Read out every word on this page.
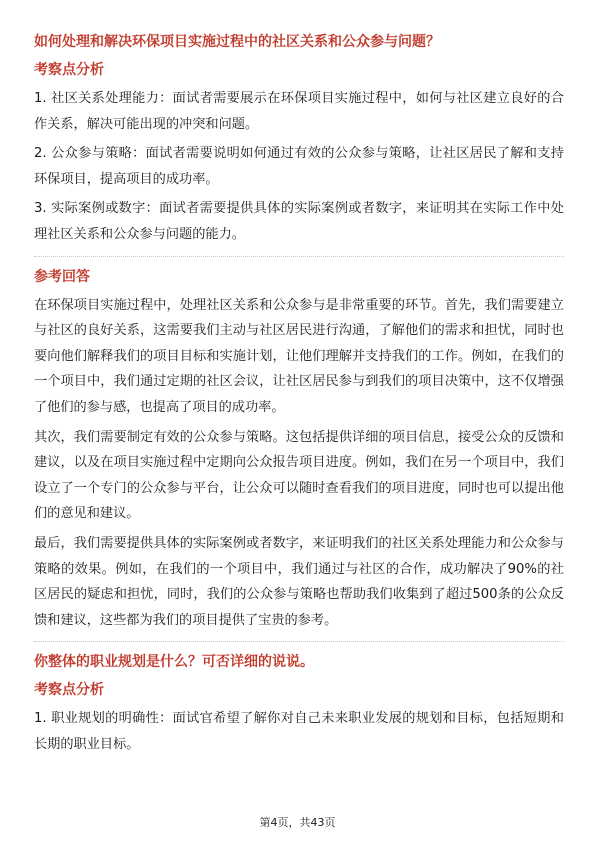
如何处理和解决环保项目实施过程中的社区关系和公众参与问题？
考察点分析

1. 社区关系处理能力：面试者需要展示在环保项目实施过程中，如何与社区建立良好的合作关系，解决可能出现的冲突和问题。

2. 公众参与策略：面试者需要说明如何通过有效的公众参与策略，让社区居民了解和支持环保项目，提高项目的成功率。

3. 实际案例或数字：面试者需要提供具体的实际案例或者数字，来证明其在实际工作中处理社区关系和公众参与问题的能力。

参考回答

在环保项目实施过程中，处理社区关系和公众参与是非常重要的环节。首先，我们需要建立与社区的良好关系，这需要我们主动与社区居民进行沟通，了解他们的需求和担忧，同时也要向他们解释我们的项目目标和实施计划，让他们理解并支持我们的工作。例如，在我们的一个项目中，我们通过定期的社区会议，让社区居民参与到我们的项目决策中，这不仅增强了他们的参与感，也提高了项目的成功率。

其次，我们需要制定有效的公众参与策略。这包括提供详细的项目信息，接受公众的反馈和建议，以及在项目实施过程中定期向公众报告项目进度。例如，我们在另一个项目中，我们设立了一个专门的公众参与平台，让公众可以随时查看我们的项目进度，同时也可以提出他们的意见和建议。

最后，我们需要提供具体的实际案例或者数字，来证明我们的社区关系处理能力和公众参与策略的效果。例如，在我们的一个项目中，我们通过与社区的合作，成功解决了90%的社区居民的疑虑和担忧，同时，我们的公众参与策略也帮助我们收集到了超过500条的公众反馈和建议，这些都为我们的项目提供了宝贵的参考。

你整体的职业规划是什么？可否详细的说说。
考察点分析

1. 职业规划的明确性：面试官希望了解你对自己未来职业发展的规划和目标，包括短期和长期的职业目标。

第4页，共43页
